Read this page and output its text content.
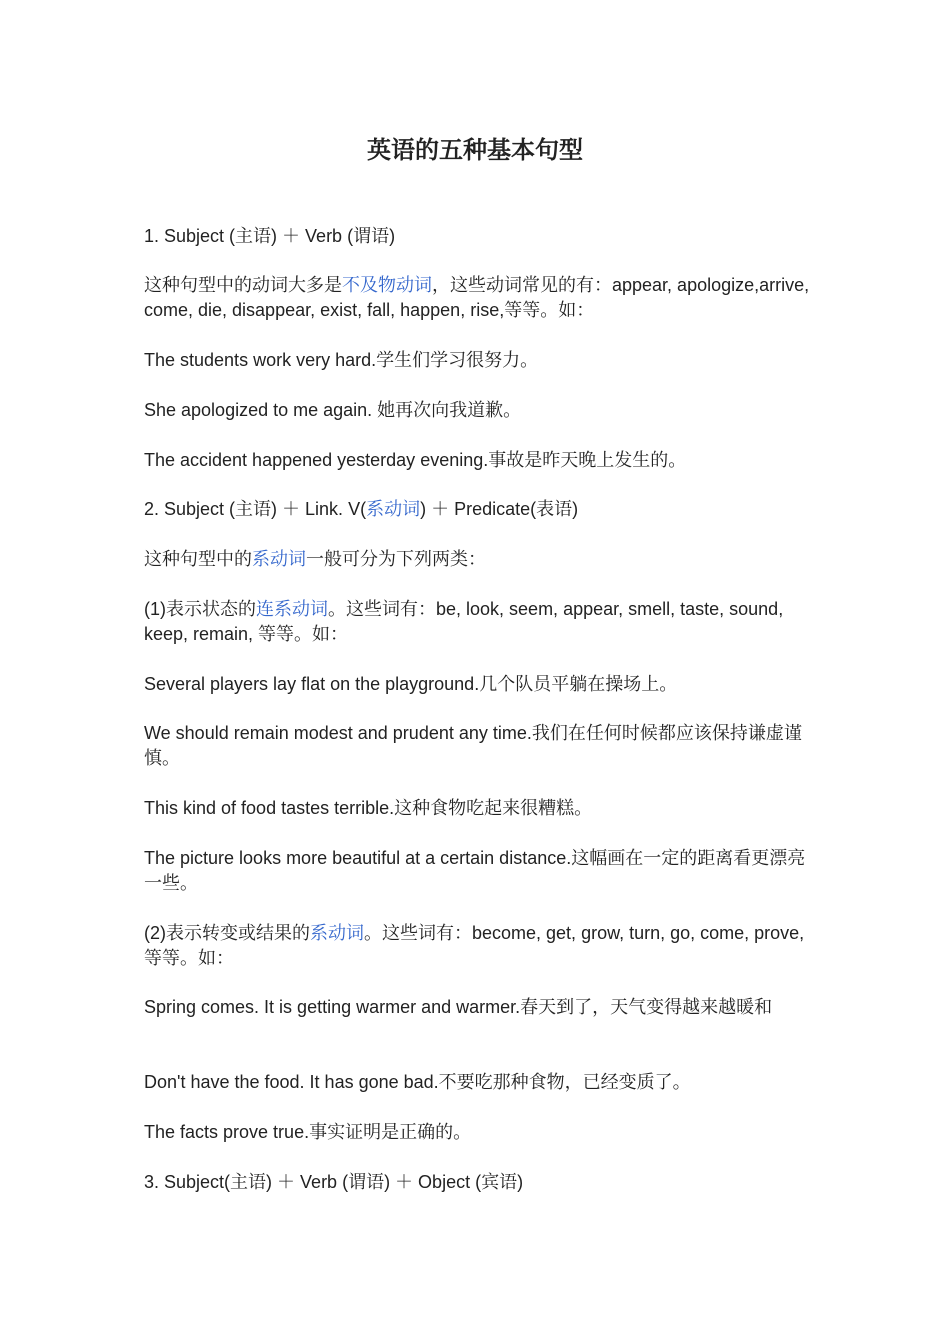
英语的五种基本句型
1. Subject (主语) ＋ Verb (谓语)
这种句型中的动词大多是不及物动词，这些动词常见的有：appear, apologize,arrive, come, die, disappear, exist, fall, happen, rise,等等。如：
The students work very hard.学生们学习很努力。
She apologized to me again. 她再次向我道歉。
The accident happened yesterday evening.事故是昨天晚上发生的。
2. Subject (主语) ＋ Link. V(系动词) ＋ Predicate(表语)
这种句型中的系动词一般可分为下列两类：
(1)表示状态的连系动词。这些词有：be, look, seem, appear, smell, taste, sound, keep, remain, 等等。如：
Several players lay flat on the playground.几个队员平躺在操场上。
We should remain modest and prudent any time.我们在任何时候都应该保持谦虚谨慎。
This kind of food tastes terrible.这种食物吃起来很糟糕。
The picture looks more beautiful at a certain distance.这幅画在一定的距离看更漂亮一些。
(2)表示转变或结果的系动词。这些词有：become, get, grow, turn, go, come, prove,等等。如：
Spring comes. It is getting warmer and warmer.春天到了，天气变得越来越暖和
Don't have the food. It has gone bad.不要吃那种食物，已经变质了。
The facts prove true.事实证明是正确的。
3. Subject(主语) ＋ Verb (谓语) ＋ Object (宾语)
